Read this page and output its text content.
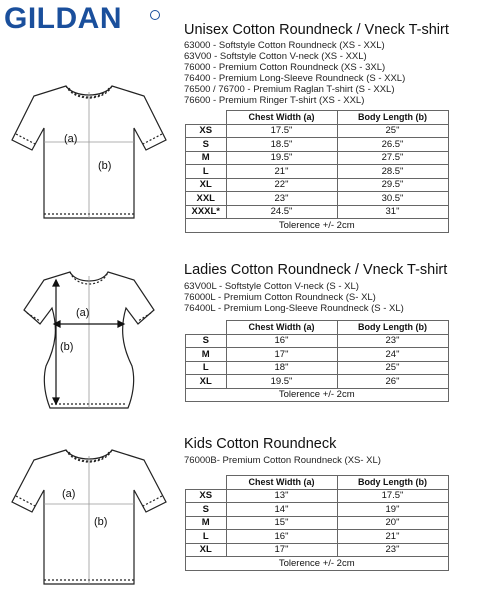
GILDAN
(a)
(b)
Unisex Cotton Roundneck / Vneck T-shirt
63000 - Softstyle Cotton Roundneck (XS - XXL)
63V00 - Softstyle Cotton V-neck (XS - XXL)
76000 - Premium Cotton Roundneck (XS - 3XL)
76400 - Premium Long-Sleeve Roundneck (S - XXL)
76500 / 76700 - Premium Raglan T-shirt (S - XXL)
76600 - Premium Ringer T-shirt (XS - XXL)
	Chest Width (a)	Body Length (b)
XS	17.5"	25"
S	18.5"	26.5"
M	19.5"	27.5"
L	21"	28.5"
XL	22"	29.5"
XXL	23"	30.5"
XXXL*	24.5"	31"
Tolerence +/- 2cm		
(a)
(b)
Ladies Cotton Roundneck / Vneck T-shirt
63V00L - Softstyle Cotton V-neck (S - XL)
76000L - Premium Cotton Roundneck (S- XL)
76400L - Premium Long-Sleeve Roundneck (S - XL)
	Chest Width (a)	Body Length (b)
S	16"	23"
M	17"	24"
L	18"	25"
XL	19.5"	26"
Tolerence +/- 2cm		
(a)
(b)
Kids Cotton Roundneck
76000B- Premium Cotton Roundneck (XS- XL)
	Chest Width (a)	Body Length (b)
XS	13"	17.5"
S	14"	19"
M	15"	20"
L	16"	21"
XL	17"	23"
Tolerence +/- 2cm		
